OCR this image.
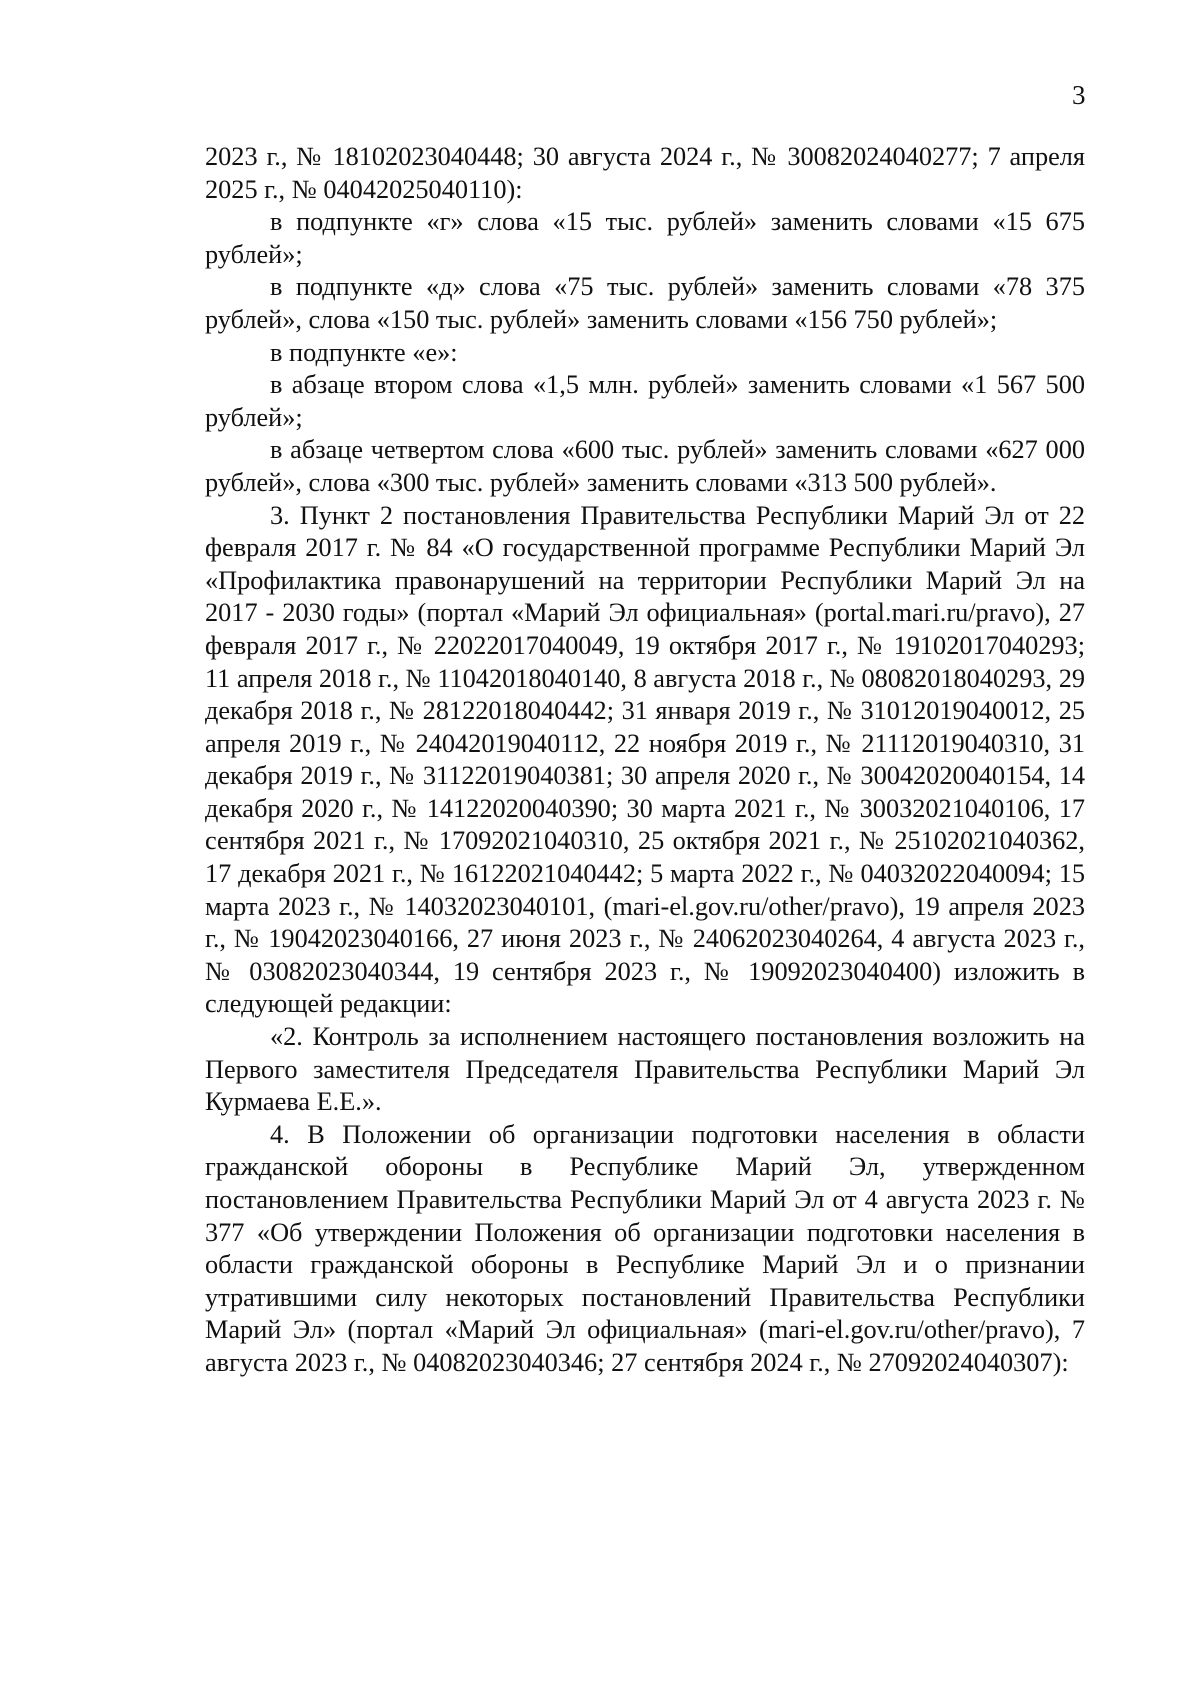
3

2023 г., № 18102023040448; 30 августа 2024 г., № 30082024040277; 7 апреля 2025 г., № 04042025040110):

в подпункте «г» слова «15 тыс. рублей» заменить словами «15 675 рублей»;

в подпункте «д» слова «75 тыс. рублей» заменить словами «78 375 рублей», слова «150 тыс. рублей» заменить словами «156 750 рублей»;

в подпункте «е»:

в абзаце втором слова «1,5 млн. рублей» заменить словами «1 567 500 рублей»;

в абзаце четвертом слова «600 тыс. рублей» заменить словами «627 000 рублей», слова «300 тыс. рублей» заменить словами «313 500 рублей».

3. Пункт 2 постановления Правительства Республики Марий Эл от 22 февраля 2017 г. № 84 «О государственной программе Республики Марий Эл «Профилактика правонарушений на территории Республики Марий Эл на 2017 - 2030 годы» (портал «Марий Эл официальная» (portal.mari.ru/pravo), 27 февраля 2017 г., № 22022017040049, 19 октября 2017 г., № 19102017040293; 11 апреля 2018 г., № 11042018040140, 8 августа 2018 г., № 08082018040293, 29 декабря 2018 г., № 28122018040442; 31 января 2019 г., № 31012019040012, 25 апреля 2019 г., № 24042019040112, 22 ноября 2019 г., № 21112019040310, 31 декабря 2019 г., № 31122019040381; 30 апреля 2020 г., № 30042020040154, 14 декабря 2020 г., № 14122020040390; 30 марта 2021 г., № 30032021040106, 17 сентября 2021 г., № 17092021040310, 25 октября 2021 г., № 25102021040362, 17 декабря 2021 г., № 16122021040442; 5 марта 2022 г., № 04032022040094; 15 марта 2023 г., № 14032023040101, (mari-el.gov.ru/other/pravo), 19 апреля 2023 г., № 19042023040166, 27 июня 2023 г., № 24062023040264, 4 августа 2023 г., № 03082023040344, 19 сентября 2023 г., № 19092023040400) изложить в следующей редакции:

«2. Контроль за исполнением настоящего постановления возложить на Первого заместителя Председателя Правительства Республики Марий Эл Курмаева Е.Е.».

4. В Положении об организации подготовки населения в области гражданской обороны в Республике Марий Эл, утвержденном постановлением Правительства Республики Марий Эл от 4 августа 2023 г. № 377 «Об утверждении Положения об организации подготовки населения в области гражданской обороны в Республике Марий Эл и о признании утратившими силу некоторых постановлений Правительства Республики Марий Эл» (портал «Марий Эл официальная» (mari-el.gov.ru/other/pravo), 7 августа 2023 г., № 04082023040346; 27 сентября 2024 г., № 27092024040307):
